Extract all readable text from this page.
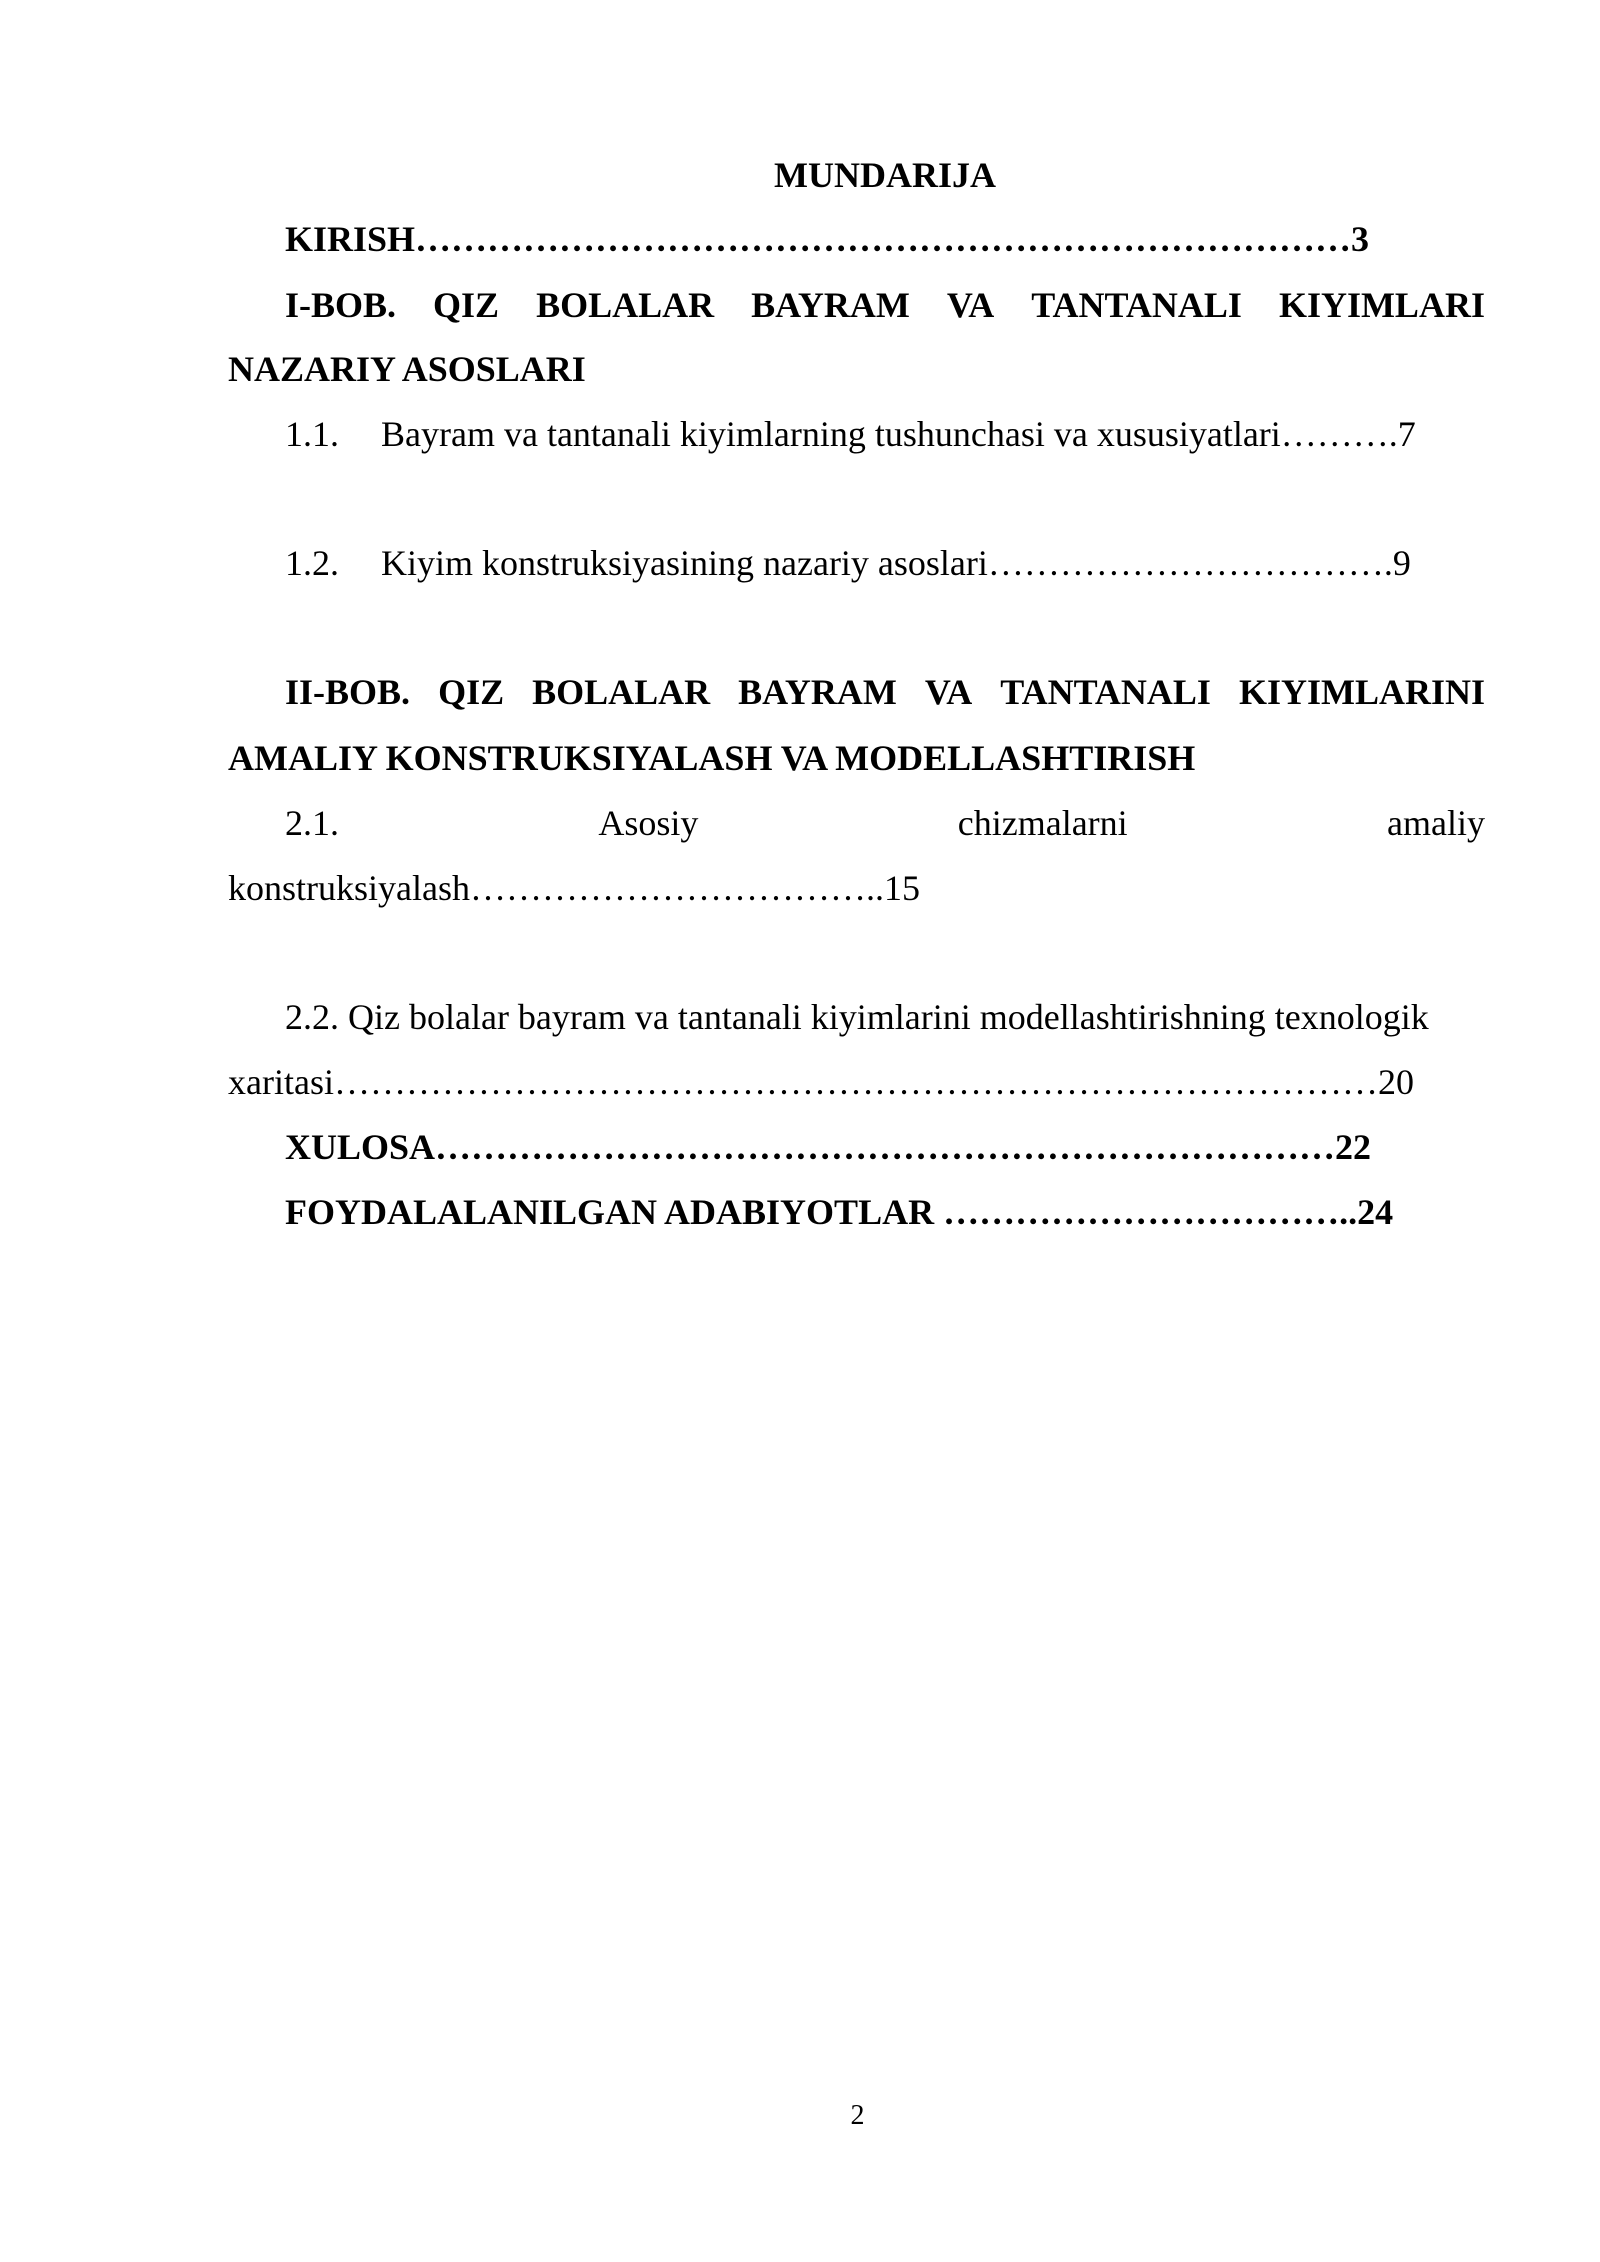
MUNDARIJA
KIRISH……………………………………………………………………3
I-BOB. QIZ BOLALAR BAYRAM VA TANTANALI KIYIMLARI
NAZARIY ASOSLARI
1.1. Bayram va tantanali kiyimlarning tushunchasi va xususiyatlari……….7
1.2. Kiyim konstruksiyasining nazariy asoslari…………………………….9
II-BOB. QIZ BOLALAR BAYRAM VA TANTANALI KIYIMLARINI
AMALIY KONSTRUKSIYALASH VA MODELLASHTIRISH
2.1.	Asosiy	chizmalarni	amaliy
konstruksiyalash……………………………..15
2.2. Qiz bolalar bayram va tantanali kiyimlarini modellashtirishning texnologik
xaritasi……………………………………………………………………………20
XULOSA…………………………………………………………………22
FOYDALALANILGAN ADABIYOTLAR ……………………………..24
2
